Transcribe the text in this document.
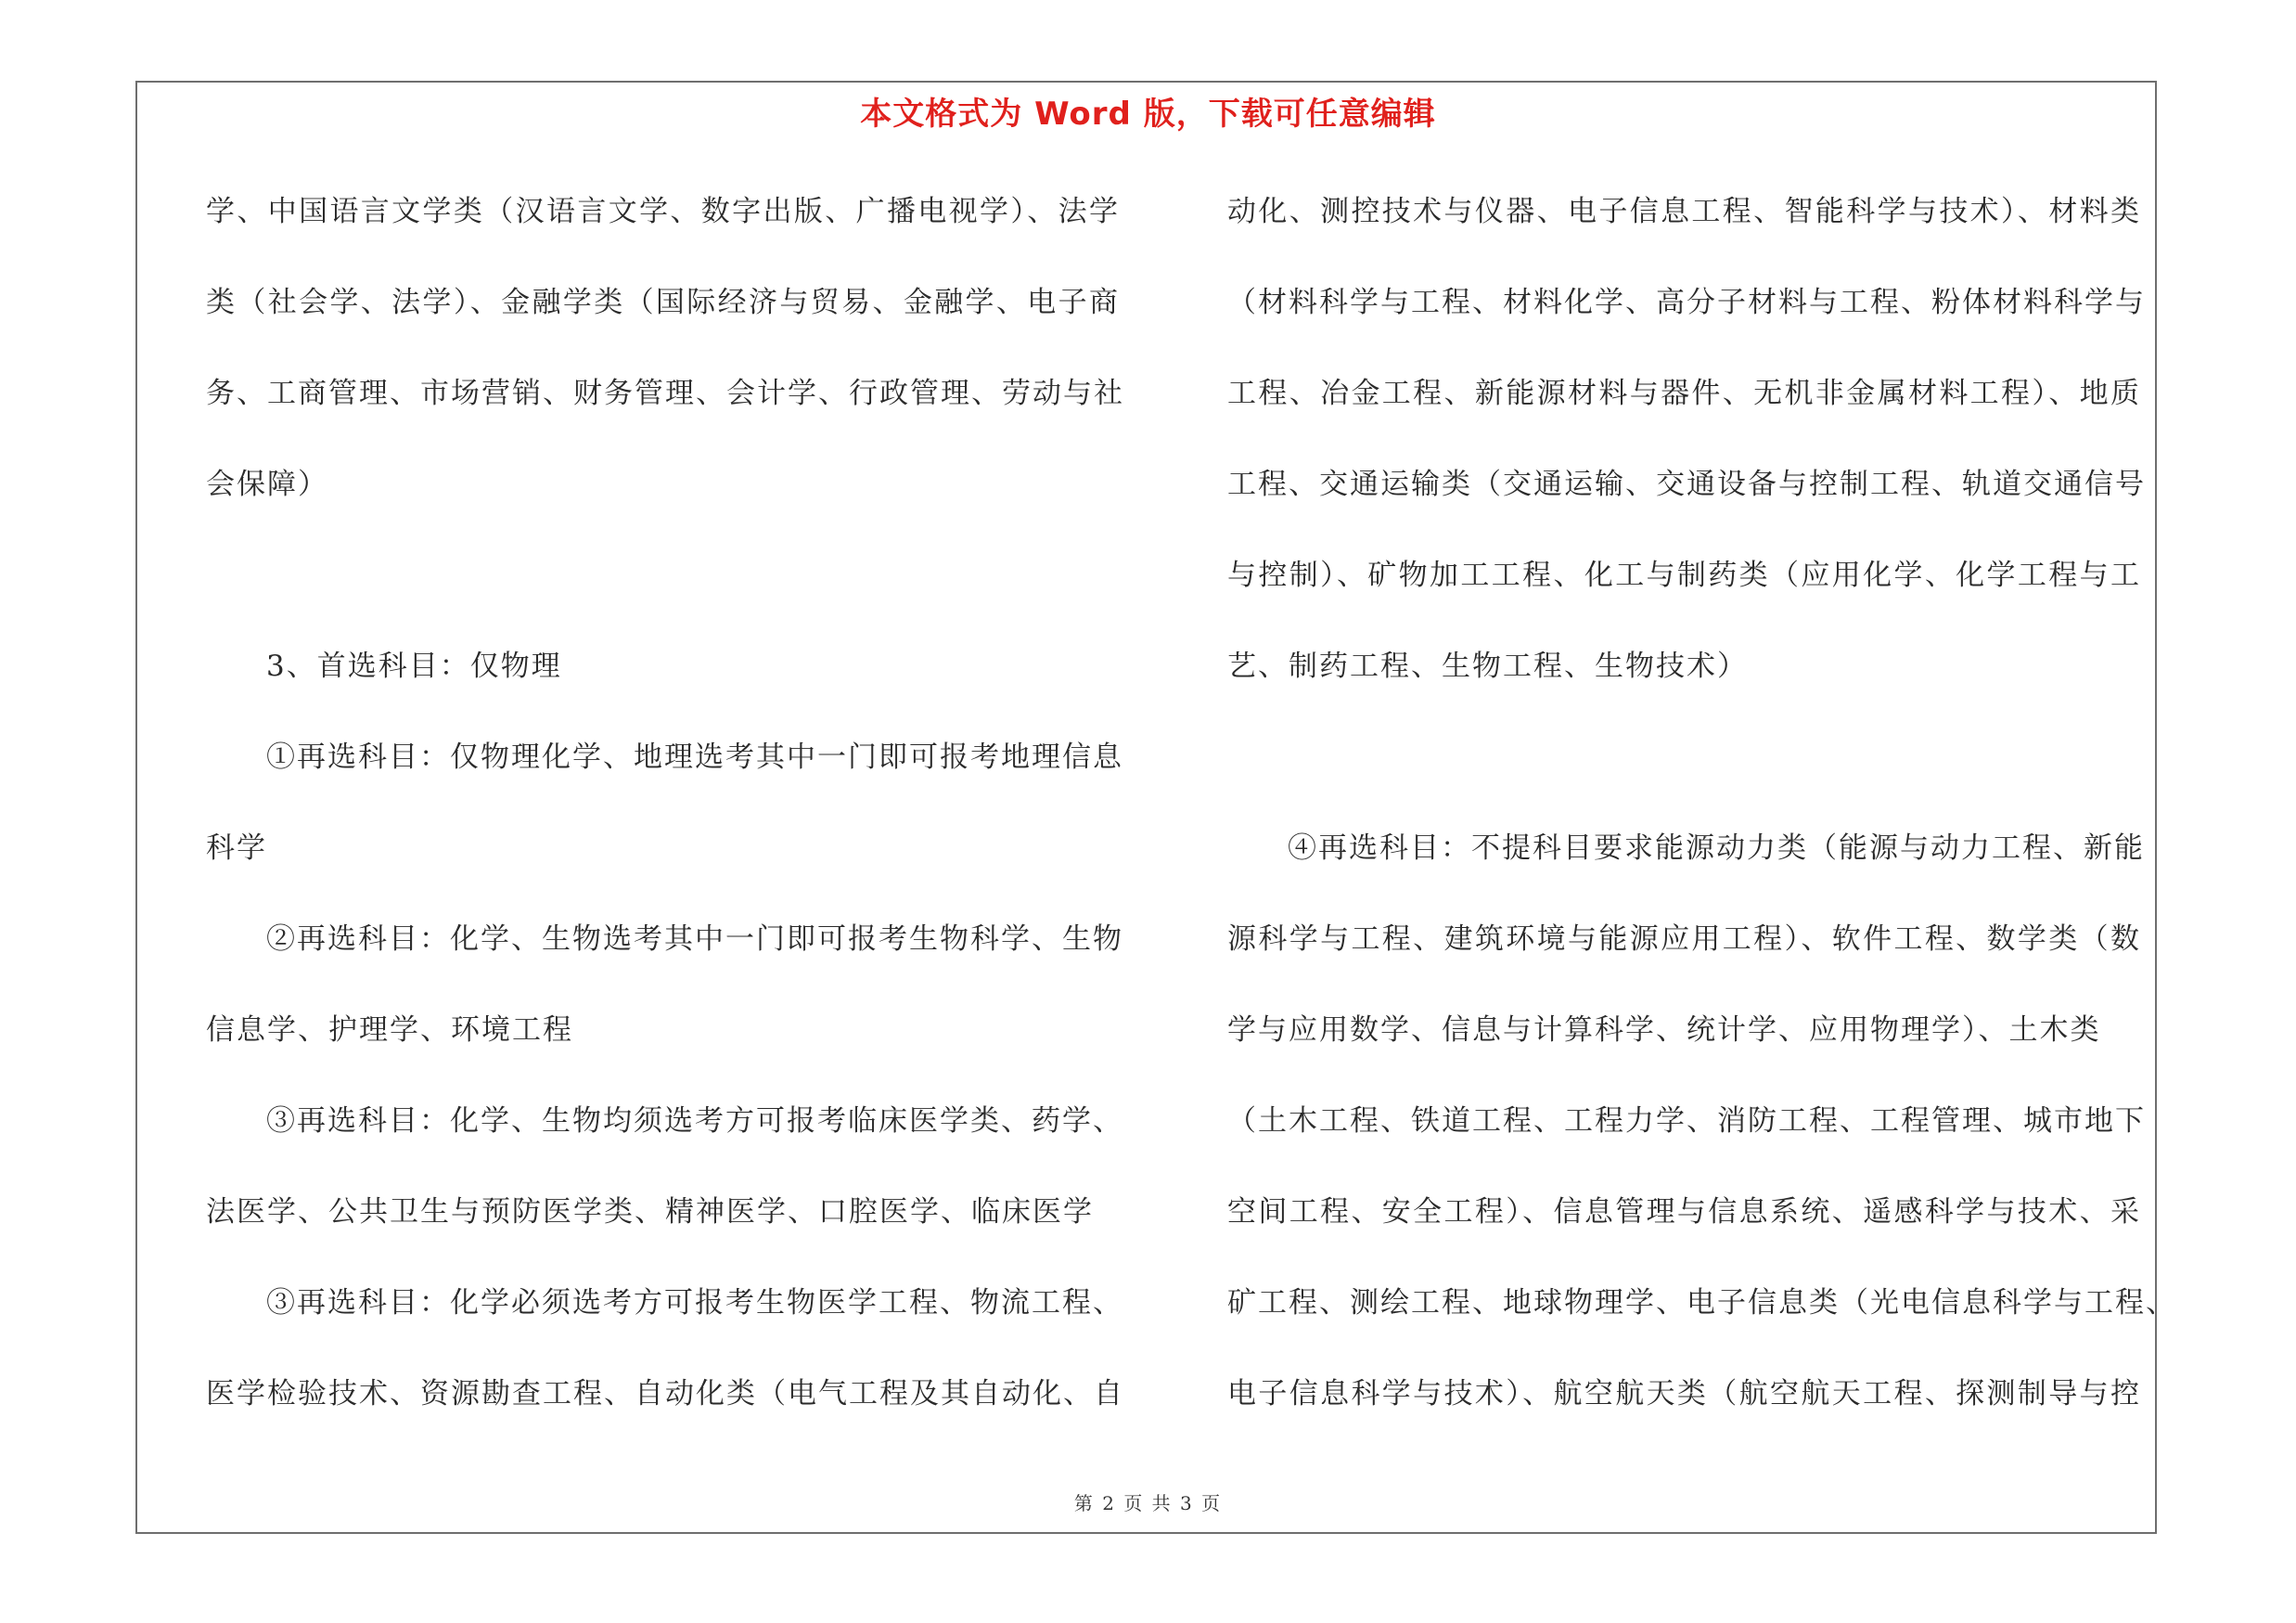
本文格式为 Word 版，下载可任意编辑
学、中国语言文学类（汉语言文学、数字出版、广播电视学）、法学
类（社会学、法学）、金融学类（国际经济与贸易、金融学、电子商
务、工商管理、市场营销、财务管理、会计学、行政管理、劳动与社
会保障）
3、首选科目：仅物理
①再选科目：仅物理化学、地理选考其中一门即可报考地理信息
科学
②再选科目：化学、生物选考其中一门即可报考生物科学、生物
信息学、护理学、环境工程
③再选科目：化学、生物均须选考方可报考临床医学类、药学、
法医学、公共卫生与预防医学类、精神医学、口腔医学、临床医学
③再选科目：化学必须选考方可报考生物医学工程、物流工程、
医学检验技术、资源勘查工程、自动化类（电气工程及其自动化、自
动化、测控技术与仪器、电子信息工程、智能科学与技术）、材料类
（材料科学与工程、材料化学、高分子材料与工程、粉体材料科学与
工程、冶金工程、新能源材料与器件、无机非金属材料工程）、地质
工程、交通运输类（交通运输、交通设备与控制工程、轨道交通信号
与控制）、矿物加工工程、化工与制药类（应用化学、化学工程与工
艺、制药工程、生物工程、生物技术）
④再选科目：不提科目要求能源动力类（能源与动力工程、新能
源科学与工程、建筑环境与能源应用工程）、软件工程、数学类（数
学与应用数学、信息与计算科学、统计学、应用物理学）、土木类
（土木工程、铁道工程、工程力学、消防工程、工程管理、城市地下
空间工程、安全工程）、信息管理与信息系统、遥感科学与技术、采
矿工程、测绘工程、地球物理学、电子信息类（光电信息科学与工程、
电子信息科学与技术）、航空航天类（航空航天工程、探测制导与控
第 2 页 共 3 页
